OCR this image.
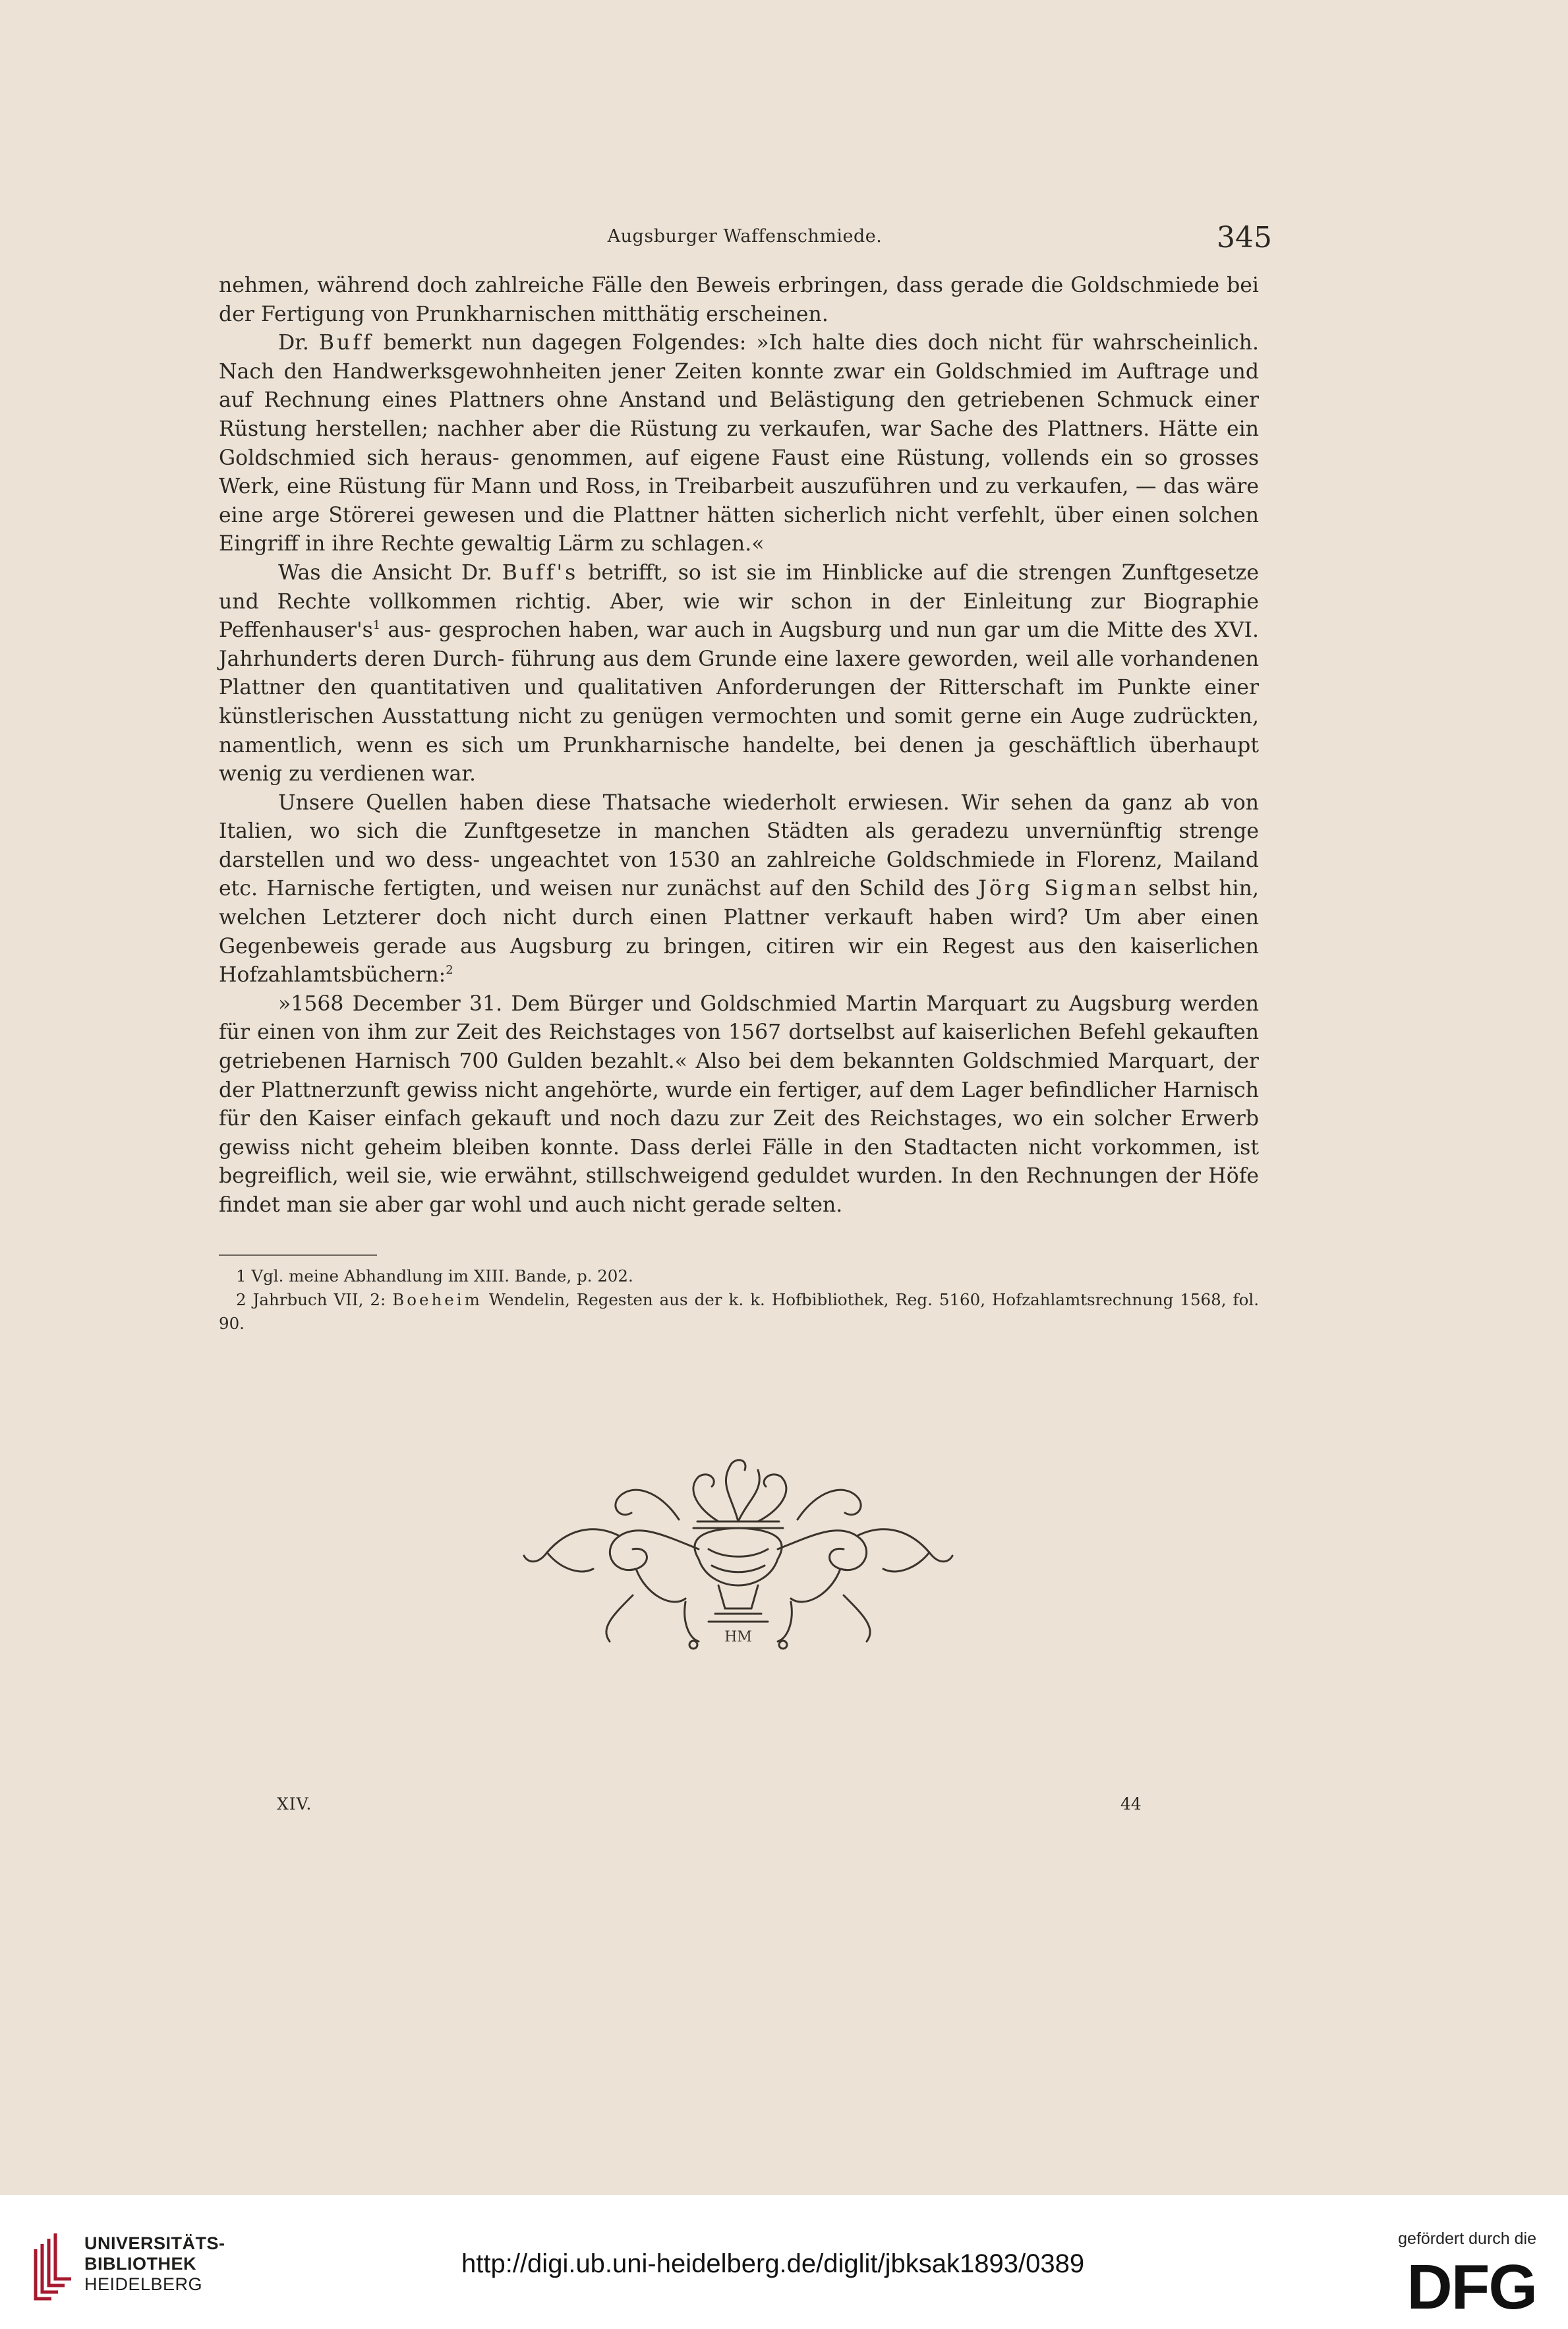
Augsburger Waffenschmiede.	345

nehmen, während doch zahlreiche Fälle den Beweis erbringen, dass gerade die Goldschmiede bei der Fertigung von Prunkharnischen mitthätig erscheinen.

Dr. Buff bemerkt nun dagegen Folgendes: »Ich halte dies doch nicht für wahrscheinlich. Nach den Handwerksgewohnheiten jener Zeiten konnte zwar ein Goldschmied im Auftrage und auf Rechnung eines Plattners ohne Anstand und Belästigung den getriebenen Schmuck einer Rüstung herstellen; nachher aber die Rüstung zu verkaufen, war Sache des Plattners. Hätte ein Goldschmied sich heraus- genommen, auf eigene Faust eine Rüstung, vollends ein so grosses Werk, eine Rüstung für Mann und Ross, in Treibarbeit auszuführen und zu verkaufen, — das wäre eine arge Störerei gewesen und die Plattner hätten sicherlich nicht verfehlt, über einen solchen Eingriff in ihre Rechte gewaltig Lärm zu schlagen.«

Was die Ansicht Dr. Buff's betrifft, so ist sie im Hinblicke auf die strengen Zunftgesetze und Rechte vollkommen richtig. Aber, wie wir schon in der Einleitung zur Biographie $Peffenhauser's^1$ aus- gesprochen haben, war auch in Augsburg und nun gar um die Mitte des XVI. Jahrhunderts deren Durch- führung aus dem Grunde eine laxere geworden, weil alle vorhandenen Plattner den quantitativen und qualitativen Anforderungen der Ritterschaft im Punkte einer künstlerischen Ausstattung nicht zu genügen vermochten und somit gerne ein Auge zudrückten, namentlich, wenn es sich um Prunkharnische handelte, bei denen ja geschäftlich überhaupt wenig zu verdienen war.

Unsere Quellen haben diese Thatsache wiederholt erwiesen. Wir sehen da ganz ab von Italien, wo sich die Zunftgesetze in manchen Städten als geradezu unvernünftig strenge darstellen und wo dess- ungeachtet von 1530 an zahlreiche Goldschmiede in Florenz, Mailand etc. Harnische fertigten, und weisen nur zunächst auf den Schild des Jörg Sigman selbst hin, welchen Letzterer doch nicht durch einen Plattner verkauft haben wird? Um aber einen Gegenbeweis gerade aus Augsburg zu bringen, citiren wir ein Regest aus den kaiserlichen Hofzahlamtsbüchern:$^2$

»1568 December 31. Dem Bürger und Goldschmied Martin Marquart zu Augsburg werden für einen von ihm zur Zeit des Reichstages von 1567 dortselbst auf kaiserlichen Befehl gekauften getriebenen Harnisch 700 Gulden bezahlt.« Also bei dem bekannten Goldschmied Marquart, der der Plattnerzunft gewiss nicht angehörte, wurde ein fertiger, auf dem Lager befindlicher Harnisch für den Kaiser einfach gekauft und noch dazu zur Zeit des Reichstages, wo ein solcher Erwerb gewiss nicht geheim bleiben konnte. Dass derlei Fälle in den Stadtacten nicht vorkommen, ist begreiflich, weil sie, wie erwähnt, stillschweigend geduldet wurden. In den Rechnungen der Höfe findet man sie aber gar wohl und auch nicht gerade selten.

1 Vgl. meine Abhandlung im XIII. Bande, p. 202.

2 Jahrbuch VII, 2: Boeheim Wendelin, Regesten aus der k. k. Hofbibliothek, Reg. 5160, Hofzahlamtsrechnung 1568, fol. 90.

HM
XIV.	44
UNIVERSITÄTS-
BIBLIOTHEK
HEIDELBERG
http://digi.ub.uni-heidelberg.de/diglit/jbksak1893/0389
gefördert durch die
DFG
